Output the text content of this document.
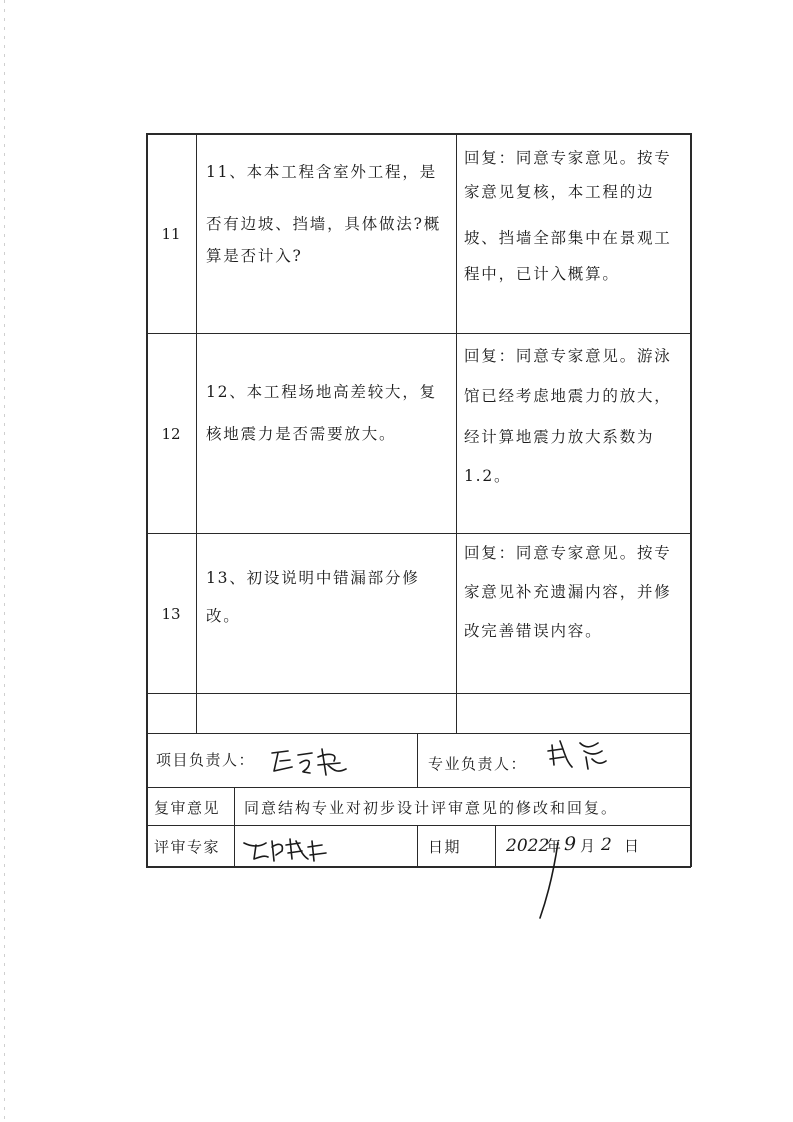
11
11、本本工程含室外工程，是
否有边坡、挡墙，具体做法?概
算是否计入?
回复：同意专家意见。按专
家意见复核，本工程的边
坡、挡墙全部集中在景观工
程中，已计入概算。
12
12、本工程场地高差较大，复
核地震力是否需要放大。
回复：同意专家意见。游泳
馆已经考虑地震力的放大，
经计算地震力放大系数为
1.2。
13
13、初设说明中错漏部分修
改。
回复：同意专家意见。按专
家意见补充遗漏内容，并修
改完善错误内容。
项目负责人：	专业负责人：
复审意见 同意结构专业对初步设计评审意见的修改和回复。
评审专家	日期	2022
年 9 月 2 日
